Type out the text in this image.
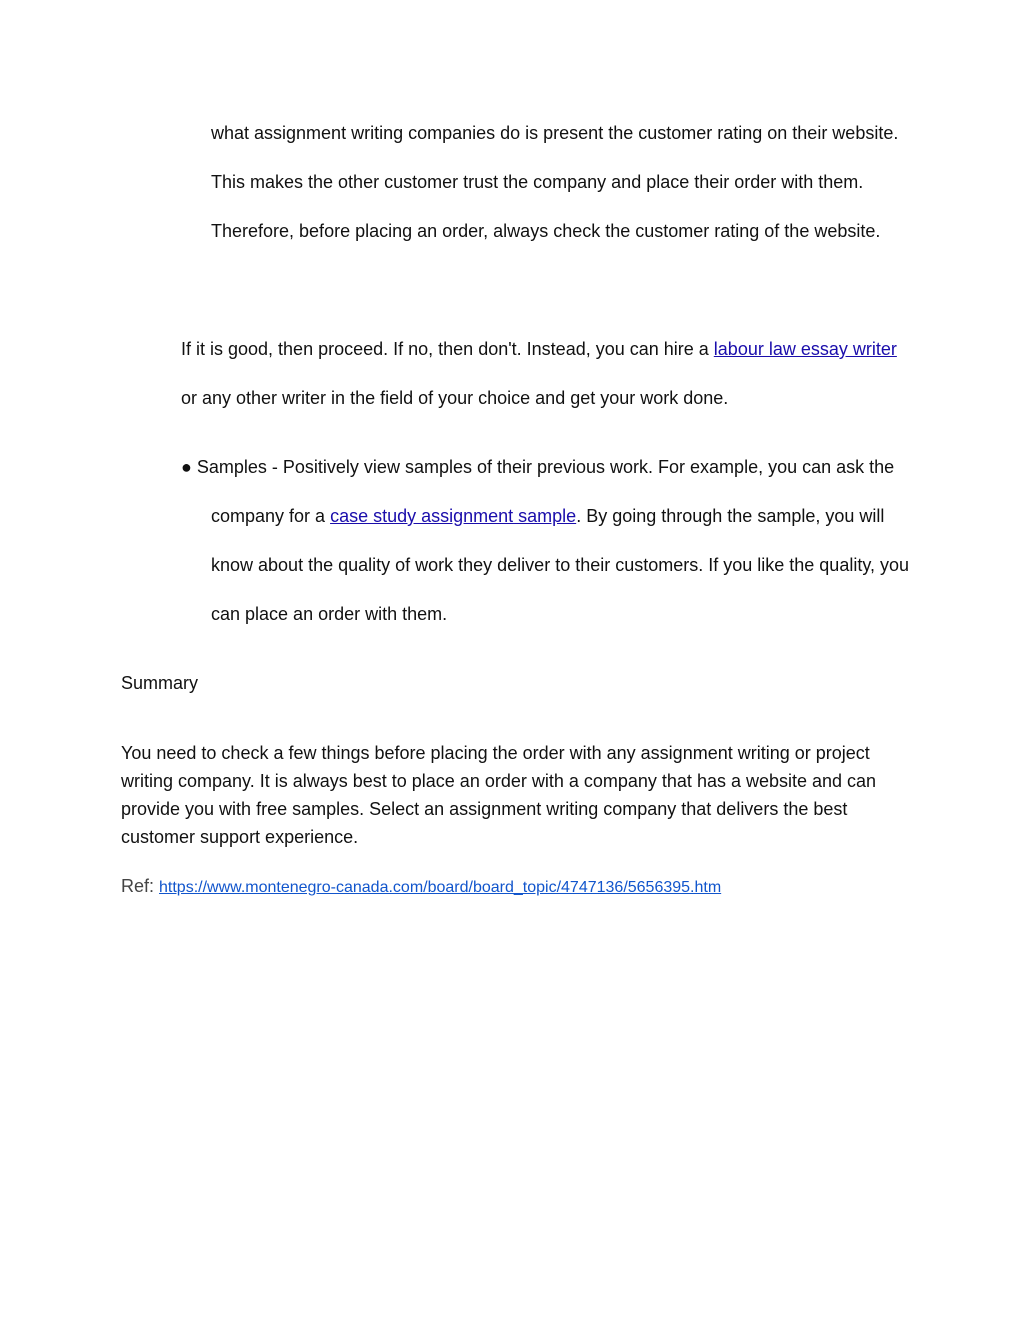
what assignment writing companies do is present the customer rating on their website. This makes the other customer trust the company and place their order with them. Therefore, before placing an order, always check the customer rating of the website.

If it is good, then proceed. If no, then don't. Instead, you can hire a labour law essay writer or any other writer in the field of your choice and get your work done.

● Samples - Positively view samples of their previous work. For example, you can ask the company for a case study assignment sample. By going through the sample, you will know about the quality of work they deliver to their customers. If you like the quality, you can place an order with them.

Summary

You need to check a few things before placing the order with any assignment writing or project writing company. It is always best to place an order with a company that has a website and can provide you with free samples. Select an assignment writing company that delivers the best customer support experience.

Ref: https://www.montenegro-canada.com/board/board_topic/4747136/5656395.htm
